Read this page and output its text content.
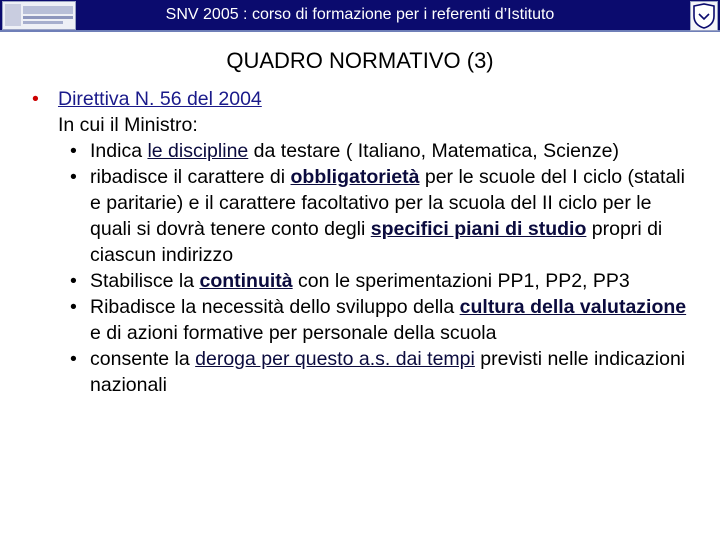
SNV 2005 : corso di formazione per i referenti d’Istituto
QUADRO NORMATIVO (3)
• Direttiva N. 56 del 2004
In cui il Ministro:
• Indica le discipline da testare ( Italiano, Matematica, Scienze)
• ribadisce il carattere di obbligatorietà per le scuole del I ciclo (statali e paritarie) e il carattere facoltativo per la scuola del II ciclo per le quali si dovrà tenere conto degli specifici piani di studio propri di ciascun indirizzo
• Stabilisce la continuità con le sperimentazioni PP1, PP2, PP3
• Ribadisce la necessità dello sviluppo della cultura della valutazione e di azioni formative per personale della scuola
• consente la deroga per questo a.s. dai tempi previsti nelle indicazioni nazionali
